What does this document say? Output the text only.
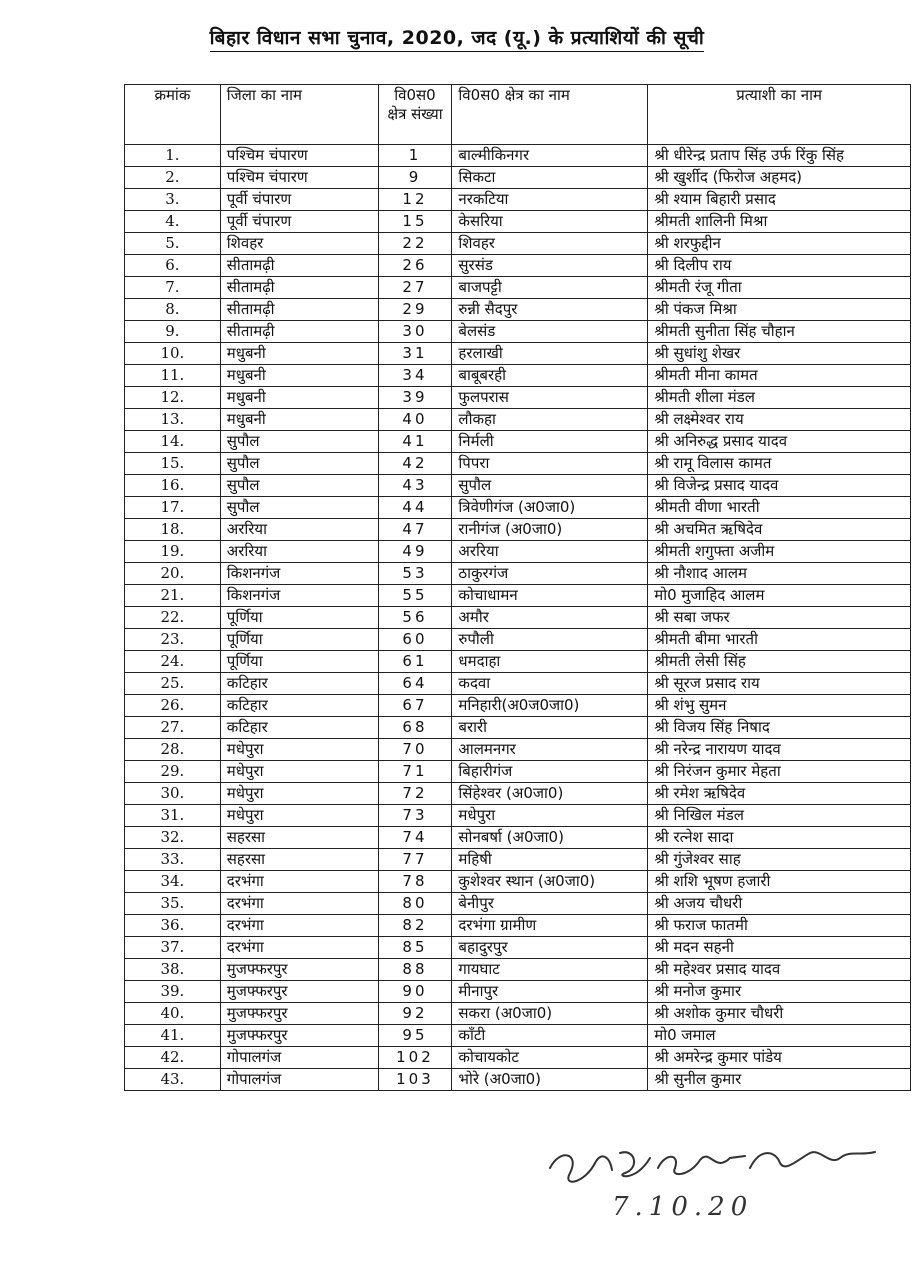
बिहार विधान सभा चुनाव, 2020, जद (यू.) के प्रत्याशियों की सूची
क्रमांक	जिला का नाम	वि0स0 क्षेत्र संख्या	वि0स0 क्षेत्र का नाम	प्रत्याशी का नाम
1.	पश्चिम चंपारण	1	बाल्मीकिनगर	श्री धीरेन्द्र प्रताप सिंह उर्फ रिंकु सिंह
2.	पश्चिम चंपारण	9	सिकटा	श्री खुर्शीद (फिरोज अहमद)
3.	पूर्वी चंपारण	12	नरकटिया	श्री श्याम बिहारी प्रसाद
4.	पूर्वी चंपारण	15	केसरिया	श्रीमती शालिनी मिश्रा
5.	शिवहर	22	शिवहर	श्री शरफुद्दीन
6.	सीतामढ़ी	26	सुरसंड	श्री दिलीप राय
7.	सीतामढ़ी	27	बाजपट्टी	श्रीमती रंजू गीता
8.	सीतामढ़ी	29	रुन्नी सैदपुर	श्री पंकज मिश्रा
9.	सीतामढ़ी	30	बेलसंड	श्रीमती सुनीता सिंह चौहान
10.	मधुबनी	31	हरलाखी	श्री सुधांशु शेखर
11.	मधुबनी	34	बाबूबरही	श्रीमती मीना कामत
12.	मधुबनी	39	फुलपरास	श्रीमती शीला मंडल
13.	मधुबनी	40	लौकहा	श्री लक्ष्मेश्वर राय
14.	सुपौल	41	निर्मली	श्री अनिरुद्ध प्रसाद यादव
15.	सुपौल	42	पिपरा	श्री रामू विलास कामत
16.	सुपौल	43	सुपौल	श्री विजेन्द्र प्रसाद यादव
17.	सुपौल	44	त्रिवेणीगंज (अ0जा0)	श्रीमती वीणा भारती
18.	अररिया	47	रानीगंज (अ0जा0)	श्री अचमित ऋषिदेव
19.	अररिया	49	अररिया	श्रीमती शगुफ्ता अजीम
20.	किशनगंज	53	ठाकुरगंज	श्री नौशाद आलम
21.	किशनगंज	55	कोचाधामन	मो0 मुजाहिद आलम
22.	पूर्णिया	56	अमौर	श्री सबा जफर
23.	पूर्णिया	60	रुपौली	श्रीमती बीमा भारती
24.	पूर्णिया	61	धमदाहा	श्रीमती लेसी सिंह
25.	कटिहार	64	कदवा	श्री सूरज प्रसाद राय
26.	कटिहार	67	मनिहारी(अ0ज0जा0)	श्री शंभु सुमन
27.	कटिहार	68	बरारी	श्री विजय सिंह निषाद
28.	मधेपुरा	70	आलमनगर	श्री नरेन्द्र नारायण यादव
29.	मधेपुरा	71	बिहारीगंज	श्री निरंजन कुमार मेहता
30.	मधेपुरा	72	सिंहेश्वर (अ0जा0)	श्री रमेश ऋषिदेव
31.	मधेपुरा	73	मधेपुरा	श्री निखिल मंडल
32.	सहरसा	74	सोनबर्षा (अ0जा0)	श्री रत्नेश सादा
33.	सहरसा	77	महिषी	श्री गुंजेश्वर साह
34.	दरभंगा	78	कुशेश्वर स्थान (अ0जा0)	श्री शशि भूषण हजारी
35.	दरभंगा	80	बेनीपुर	श्री अजय चौधरी
36.	दरभंगा	82	दरभंगा ग्रामीण	श्री फराज फातमी
37.	दरभंगा	85	बहादुरपुर	श्री मदन सहनी
38.	मुजफ्फरपुर	88	गायघाट	श्री महेश्वर प्रसाद यादव
39.	मुजफ्फरपुर	90	मीनापुर	श्री मनोज कुमार
40.	मुजफ्फरपुर	92	सकरा (अ0जा0)	श्री अशोक कुमार चौधरी
41.	मुजफ्फरपुर	95	काँटी	मो0 जमाल
42.	गोपालगंज	102	कोचायकोट	श्री अमरेन्द्र कुमार पांडेय
43.	गोपालगंज	103	भोरे (अ0जा0)	श्री सुनील कुमार
7.10.20
